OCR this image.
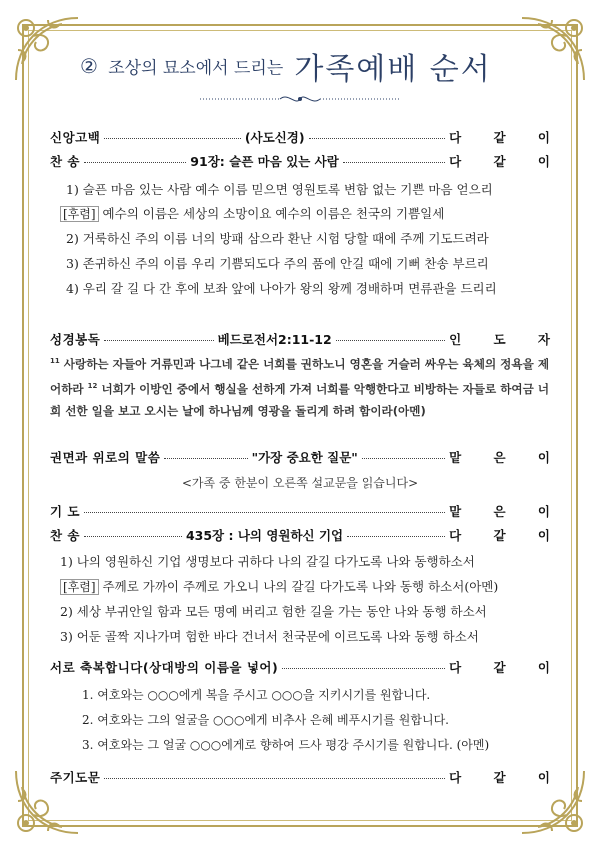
② 조상의 묘소에서 드리는 가족예배 순서
신앙고백	(사도신경)	다 같 이
찬 송	91장: 슬픈 마음 있는 사람	다 같 이
1) 슬픈 마음 있는 사람 예수 이름 믿으면 영원토록 변함 없는 기쁜 마음 얻으리
[후렴] 예수의 이름은 세상의 소망이요 예수의 이름은 천국의 기쁨일세
2) 거룩하신 주의 이름 너의 방패 삼으라 환난 시험 당할 때에 주께 기도드려라
3) 존귀하신 주의 이름 우리 기쁨되도다 주의 품에 안길 때에 기뻐 찬송 부르리
4) 우리 갈 길 다 간 후에 보좌 앞에 나아가 왕의 왕께 경배하며 면류관을 드리리
성경봉독	베드로전서2:11-12	인 도 자
$^{11}$ 사랑하는 자들아 거류민과 나그네 같은 너희를 권하노니 영혼을 거슬러 싸우는 육체의 정욕을 제어하라 $^{12}$ 너희가 이방인 중에서 행실을 선하게 가져 너희를 악행한다고 비방하는 자들로 하여금 너희 선한 일을 보고 오시는 날에 하나님께 영광을 돌리게 하려 함이라(아멘)
권면과 위로의 말씀	"가장 중요한 질문"	맡 은 이
<가족 중 한분이 오른쪽 설교문을 읽습니다>
기 도	맡 은 이
찬 송	435장 : 나의 영원하신 기업	다 같 이
1) 나의 영원하신 기업 생명보다 귀하다 나의 갈길 다가도록 나와 동행하소서
[후렴] 주께로 가까이 주께로 가오니 나의 갈길 다가도록 나와 동행 하소서(아멘)
2) 세상 부귀안일 함과 모든 명예 버리고 험한 길을 가는 동안 나와 동행 하소서
3) 어둔 골짝 지나가며 험한 바다 건너서 천국문에 이르도록 나와 동행 하소서
서로 축복합니다(상대방의 이름을 넣어)	다 같 이
1. 여호와는 ○○○에게 복을 주시고 ○○○을 지키시기를 원합니다.
2. 여호와는 그의 얼굴을 ○○○에게 비추사 은혜 베푸시기를 원합니다.
3. 여호와는 그 얼굴 ○○○에게로 향하여 드사 평강 주시기를 원합니다. (아멘)
주기도문	다 같 이
